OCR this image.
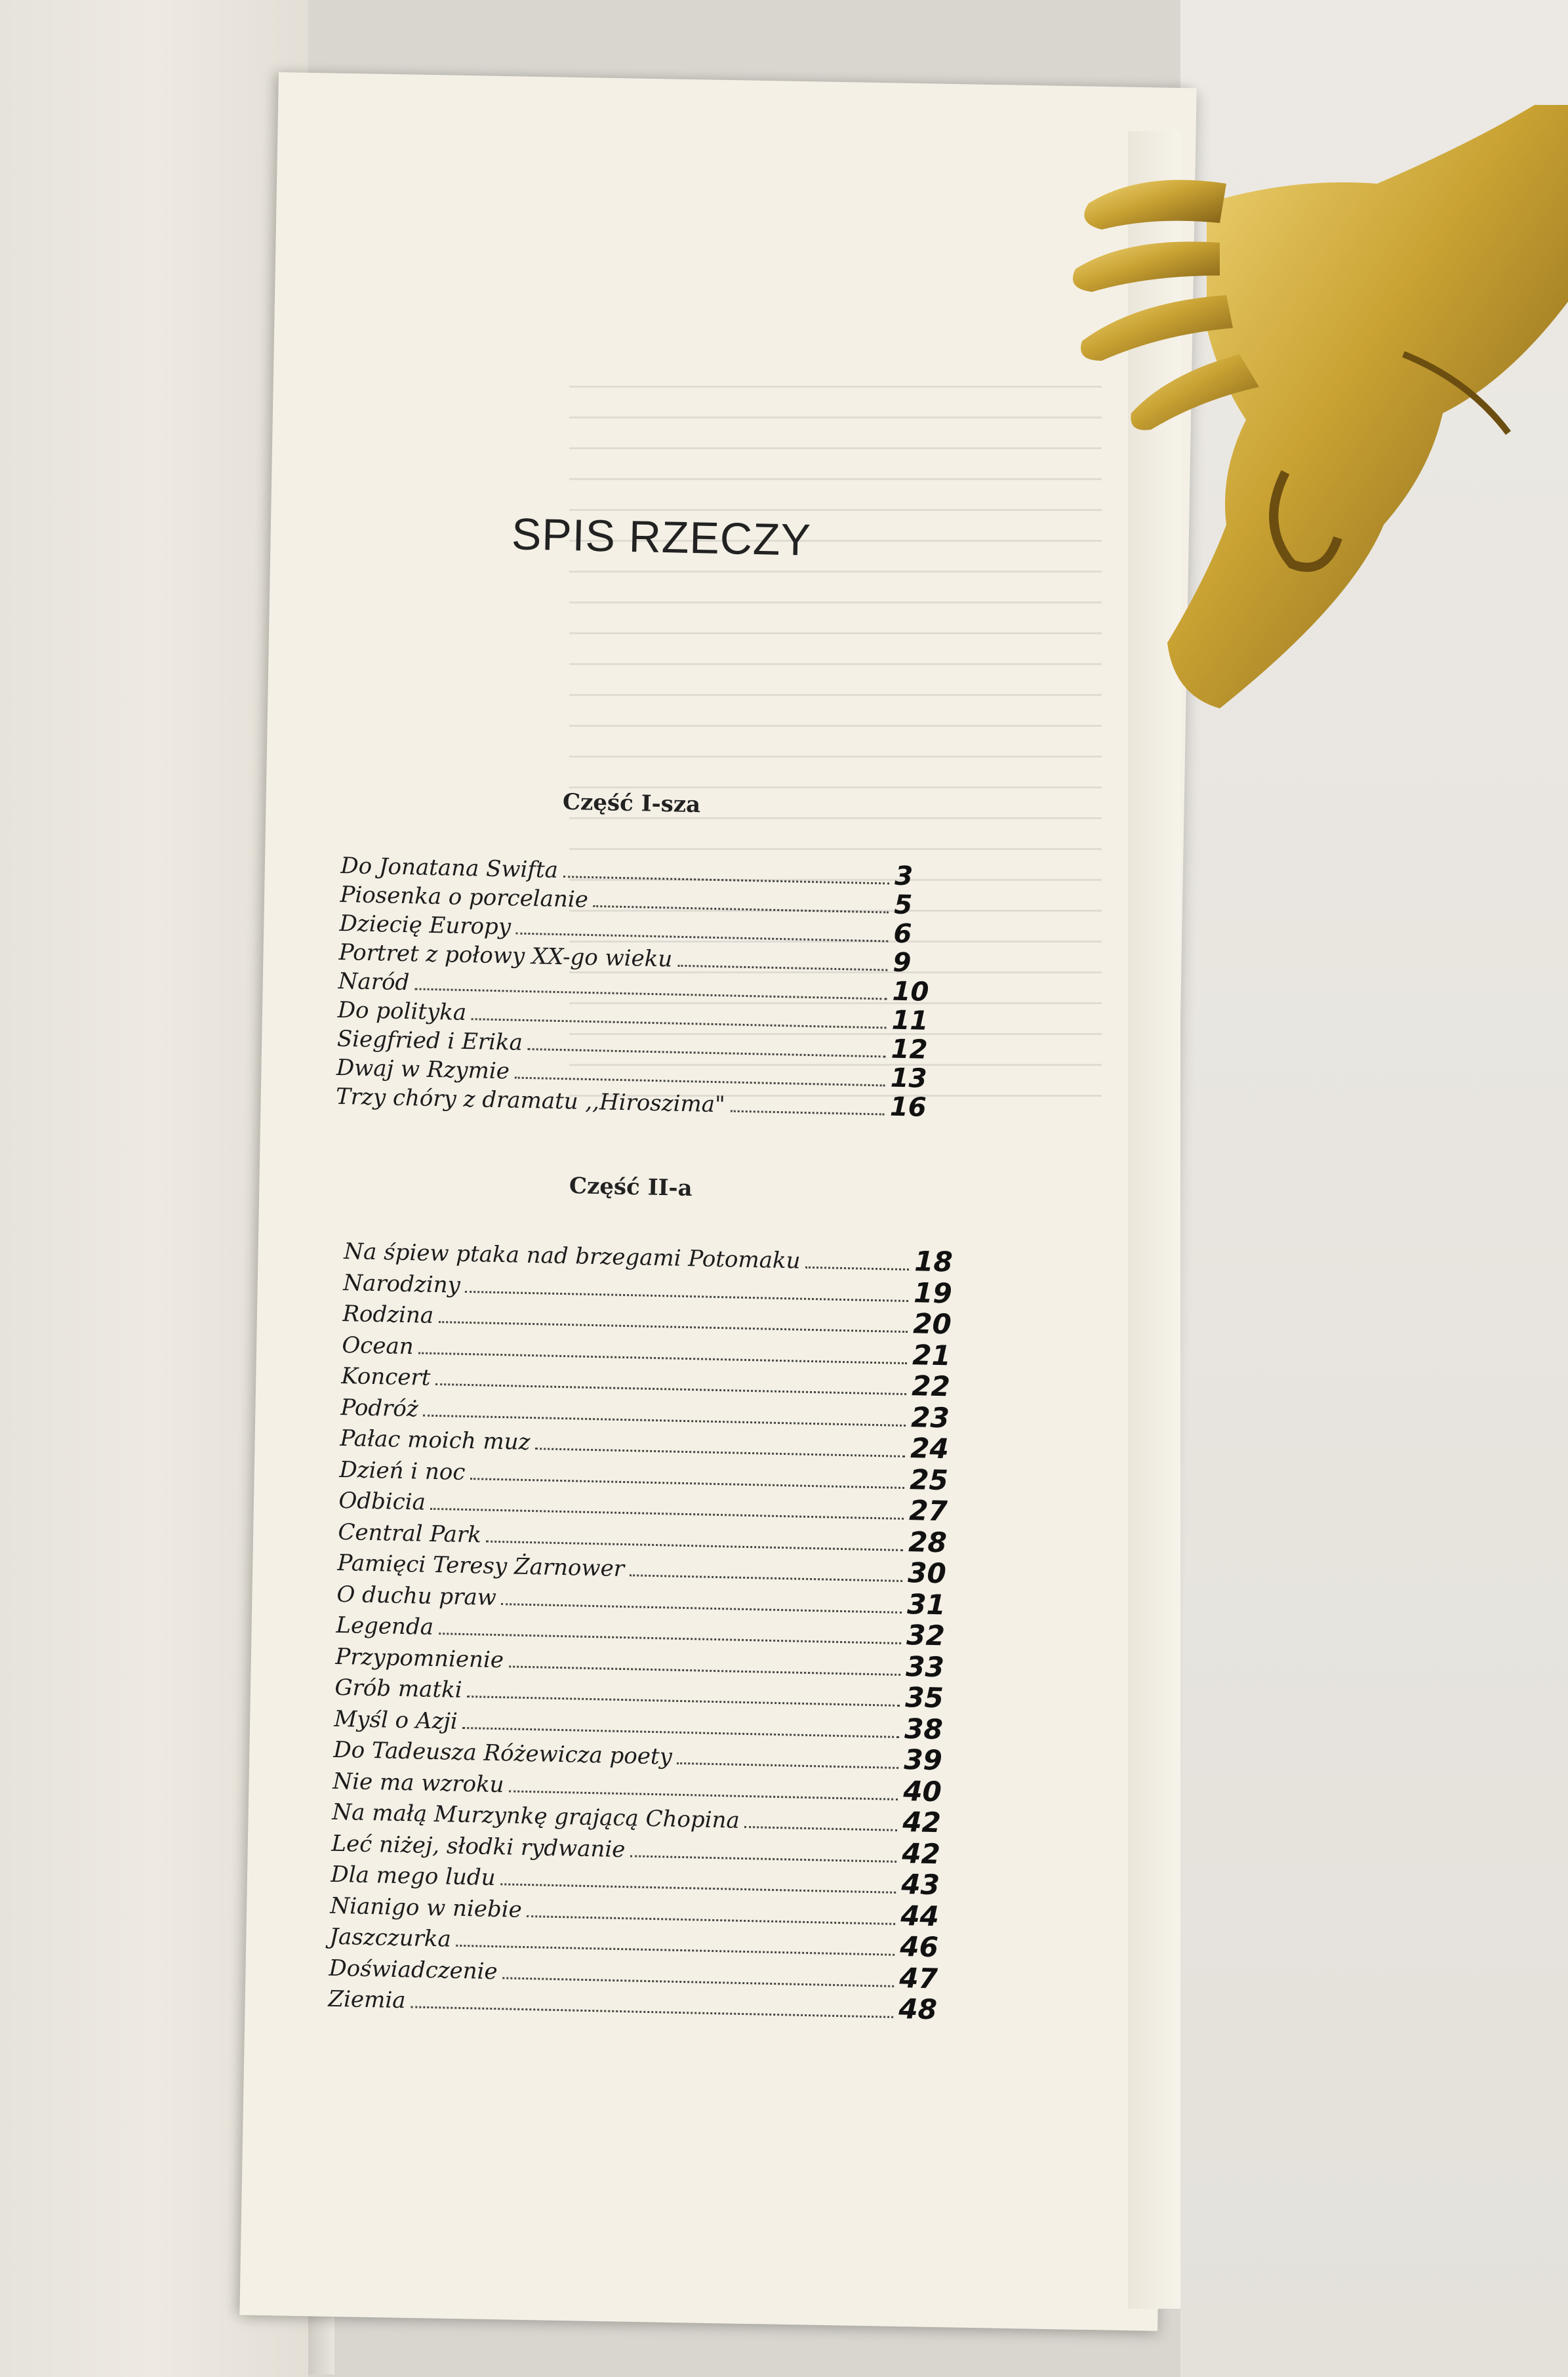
SPIS RZECZY
Część I-sza
Do Jonatana Swifta	3
Piosenka o porcelanie	5
Dziecię Europy	6
Portret z połowy XX-go wieku	9
Naród	10
Do polityka	11
Siegfried i Erika	12
Dwaj w Rzymie	13
Trzy chóry z dramatu ,,Hiroszima"	16
Część II-a
Na śpiew ptaka nad brzegami Potomaku	18
Narodziny	19
Rodzina	20
Ocean	21
Koncert	22
Podróż	23
Pałac moich muz	24
Dzień i noc	25
Odbicia	27
Central Park	28
Pamięci Teresy Żarnower	30
O duchu praw	31
Legenda	32
Przypomnienie	33
Grób matki	35
Myśl o Azji	38
Do Tadeusza Różewicza poety	39
Nie ma wzroku	40
Na małą Murzynkę grającą Chopina	42
Leć niżej, słodki rydwanie	42
Dla mego ludu	43
Nianigo w niebie	44
Jaszczurka	46
Doświadczenie	47
Ziemia	48
